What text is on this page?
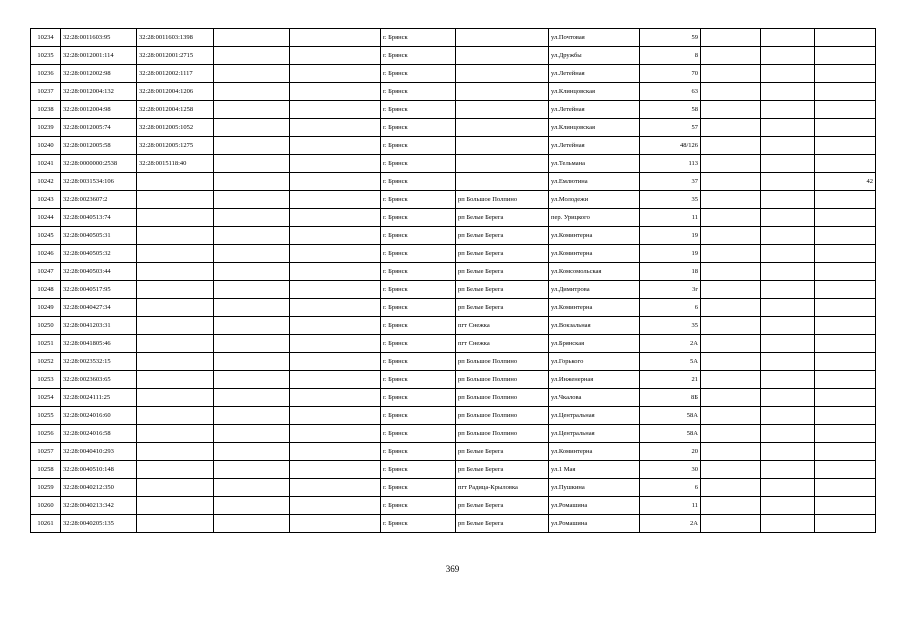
10234	32:28:0011603:95	32:28:0011603:1398			г. Брянск		ул.Почтовая	59			
10235	32:28:0012001:114	32:28:0012001:2715			г. Брянск		ул.Дружбы	8			
10236	32:28:0012002:98	32:28:0012002:1117			г. Брянск		ул.Летейная	70			
10237	32:28:0012004:132	32:28:0012004:1206			г. Брянск		ул.Клинцовская	63			
10238	32:28:0012004:98	32:28:0012004:1258			г. Брянск		ул.Летейная	58			
10239	32:28:0012005:74	32:28:0012005:1052			г. Брянск		ул.Клинцовская	57			
10240	32:28:0012005:58	32:28:0012005:1275			г. Брянск		ул.Летейная	48/126			
10241	32:28:0000000:2538	32:28:0015118:40			г. Брянск		ул.Тельмана	113			
10242	32:28:0031534:106				г. Брянск		ул.Емлютина	37			42
10243	32:28:0023607:2				г. Брянск	рп Большое Полпино	ул.Молодежи	35			
10244	32:28:0040513:74				г. Брянск	рп Белые Берега	пер. Урицкого	11			
10245	32:28:0040505:31				г. Брянск	рп Белые Берега	ул.Коминтерна	19			
10246	32:28:0040505:32				г. Брянск	рп Белые Берега	ул.Коминтерна	19			
10247	32:28:0040503:44				г. Брянск	рп Белые Берега	ул.Комсомольская	18			
10248	32:28:0040517:95				г. Брянск	рп Белые Берега	ул.Димитрова	3г			
10249	32:28:0040427:34				г. Брянск	рп Белые Берега	ул.Коминтерна	6			
10250	32:28:0041203:31				г. Брянск	пгт Снежка	ул.Вокзальная	35			
10251	32:28:0041805:46				г. Брянск	пгт Снежка	ул.Брянская	2А			
10252	32:28:0023532:15				г. Брянск	рп Большое Полпино	ул.Горького	5А			
10253	32:28:0023603:65				г. Брянск	рп Большое Полпино	ул.Инженерная	21			
10254	32:28:0024111:25				г. Брянск	рп Большое Полпино	ул.Чкалова	8Б			
10255	32:28:0024016:60				г. Брянск	рп Большое Полпино	ул.Центральная	58А			
10256	32:28:0024016:58				г. Брянск	рп Большое Полпино	ул.Центральная	58А			
10257	32:28:0040410:293				г. Брянск	рп Белые Берега	ул.Коминтерна	20			
10258	32:28:0040510:148				г. Брянск	рп Белые Берега	ул.1 Мая	30			
10259	32:28:0040212:350				г. Брянск	пгт Радица-Крыловка	ул.Пушкина	6			
10260	32:28:0040213:342				г. Брянск	рп Белые Берега	ул.Ромашина	11			
10261	32:28:0040205:135				г. Брянск	рп Белые Берега	ул.Ромашина	2А			
369
